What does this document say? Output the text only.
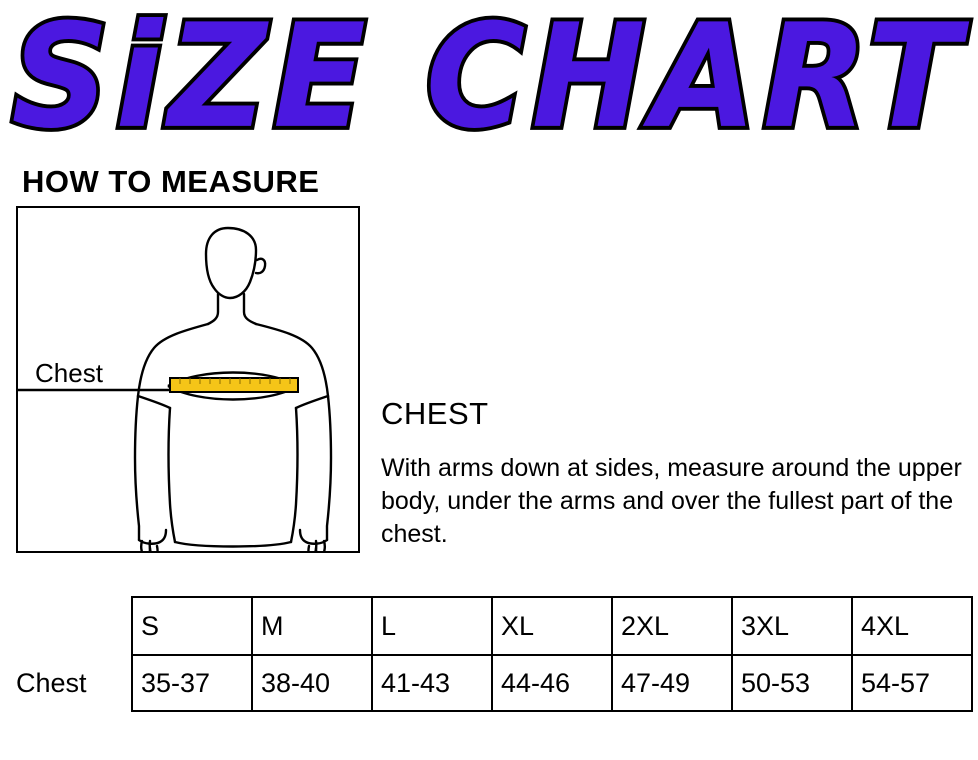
SiZE CHART
HOW TO MEASURE
Chest
CHEST
With arms down at sides, measure around the upper body, under the arms and over the fullest part of the chest.
	S	M	L	XL	2XL	3XL	4XL
Chest	35-37	38-40	41-43	44-46	47-49	50-53	54-57
